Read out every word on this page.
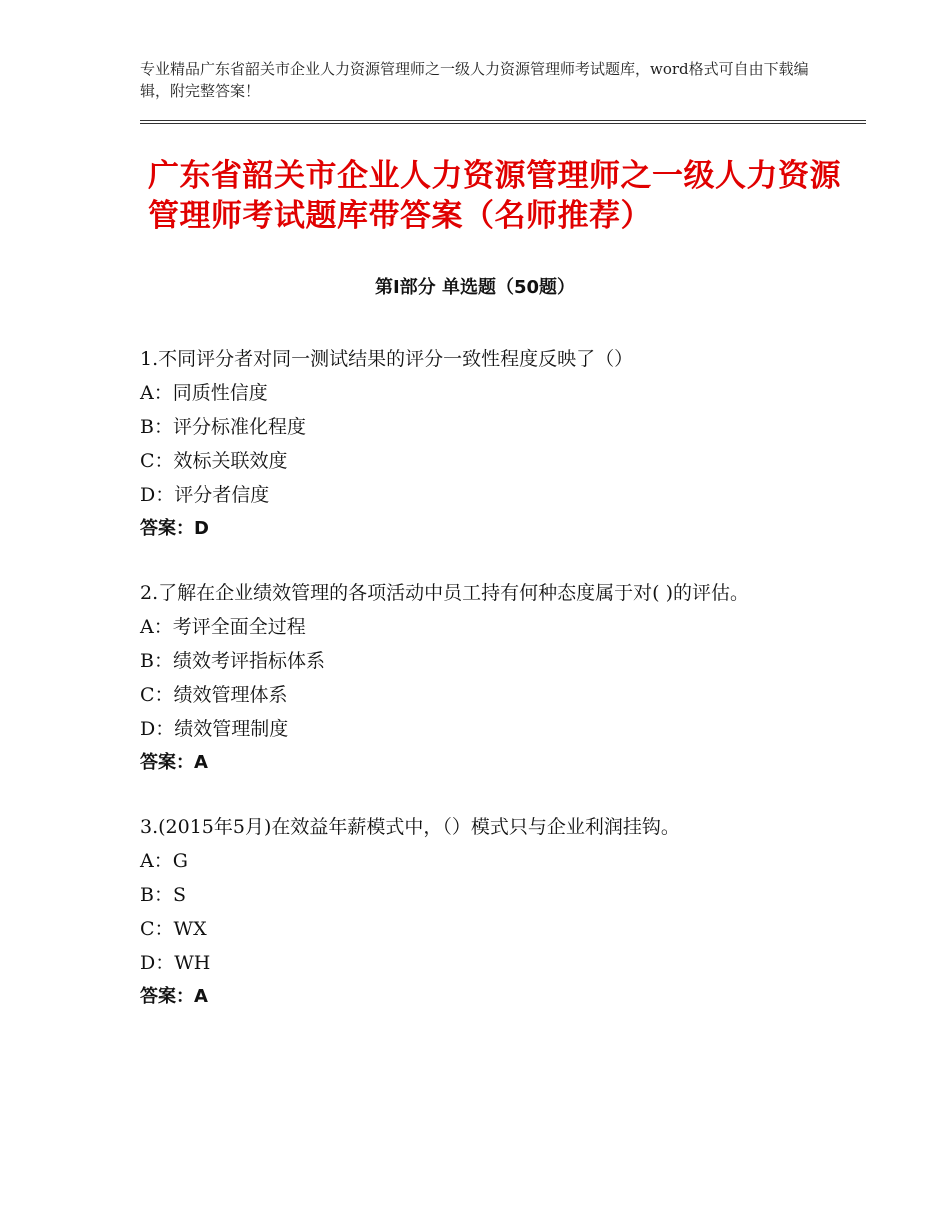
专业精品广东省韶关市企业人力资源管理师之一级人力资源管理师考试题库，word格式可自由下载编辑，附完整答案！

广东省韶关市企业人力资源管理师之一级人力资源管理师考试题库带答案（名师推荐）
第Ⅰ部分 单选题（50题）

1.不同评分者对同一测试结果的评分一致性程度反映了（）

A：同质性信度

B：评分标准化程度

C：效标关联效度

D：评分者信度

答案：D

2.了解在企业绩效管理的各项活动中员工持有何种态度属于对( )的评估。

A：考评全面全过程

B：绩效考评指标体系

C：绩效管理体系

D：绩效管理制度

答案：A

3.(2015年5月)在效益年薪模式中，（）模式只与企业利润挂钩。

A：G

B：S

C：WX

D：WH

答案：A
